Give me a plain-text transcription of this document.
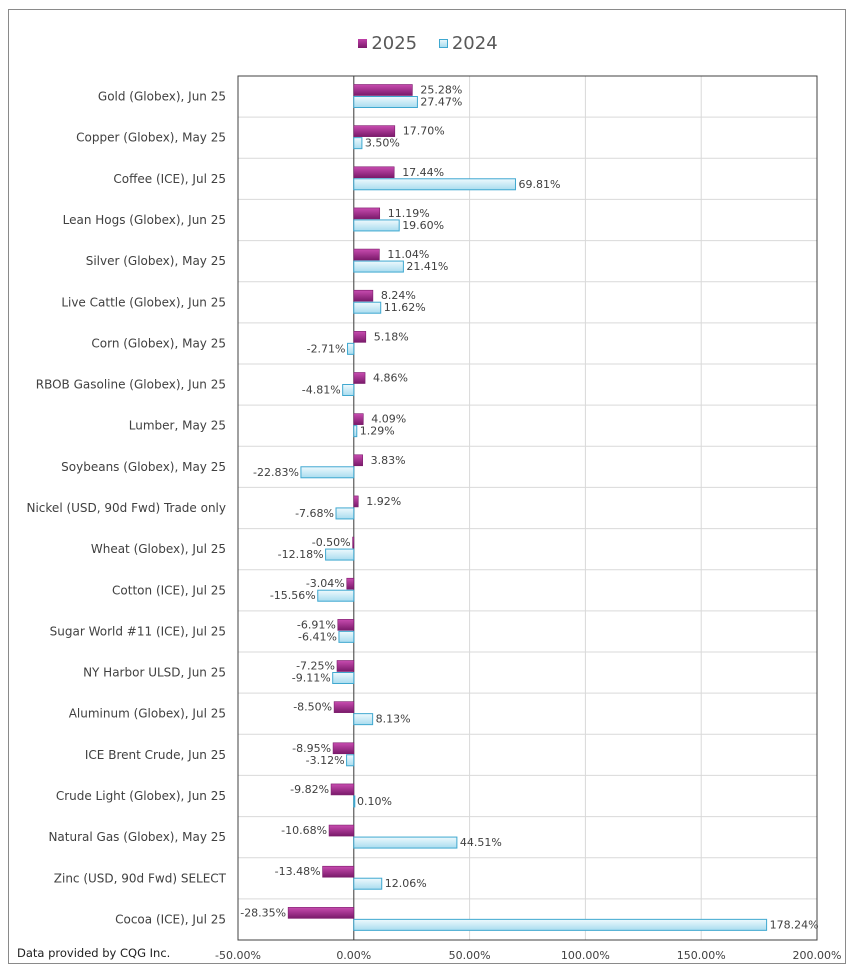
2025
2024
-50.00%	0.00%	50.00%	100.00%	150.00%	200.00%
Gold (Globex), Jun 25	25.28%
27.47%
Copper (Globex), May 25	17.70%
3.50%
Coffee (ICE), Jul 25	17.44%
69.81%
Lean Hogs (Globex), Jun 25	11.19%
19.60%
Silver (Globex), May 25	11.04%
21.41%
Live Cattle (Globex), Jun 25	8.24%
11.62%
Corn (Globex), May 25	5.18%
-2.71%
RBOB Gasoline (Globex), Jun 25	4.86%
-4.81%
Lumber, May 25	4.09%
1.29%
Soybeans (Globex), May 25	3.83%
-22.83%
Nickel (USD, 90d Fwd) Trade only	1.92%
-7.68%
Wheat (Globex), Jul 25	-0.50%
-12.18%
Cotton (ICE), Jul 25	-3.04%
-15.56%
Sugar World #11 (ICE), Jul 25	-6.91%
-6.41%
NY Harbor ULSD, Jun 25	-7.25%
-9.11%
Aluminum (Globex), Jul 25	-8.50%
8.13%
ICE Brent Crude, Jun 25	-8.95%
-3.12%
Crude Light (Globex), Jun 25	-9.82%
0.10%
Natural Gas (Globex), May 25	-10.68%
44.51%
Zinc (USD, 90d Fwd) SELECT	-13.48%
12.06%
Cocoa (ICE), Jul 25 -28.35%
178.24%
Data provided by CQG Inc.
